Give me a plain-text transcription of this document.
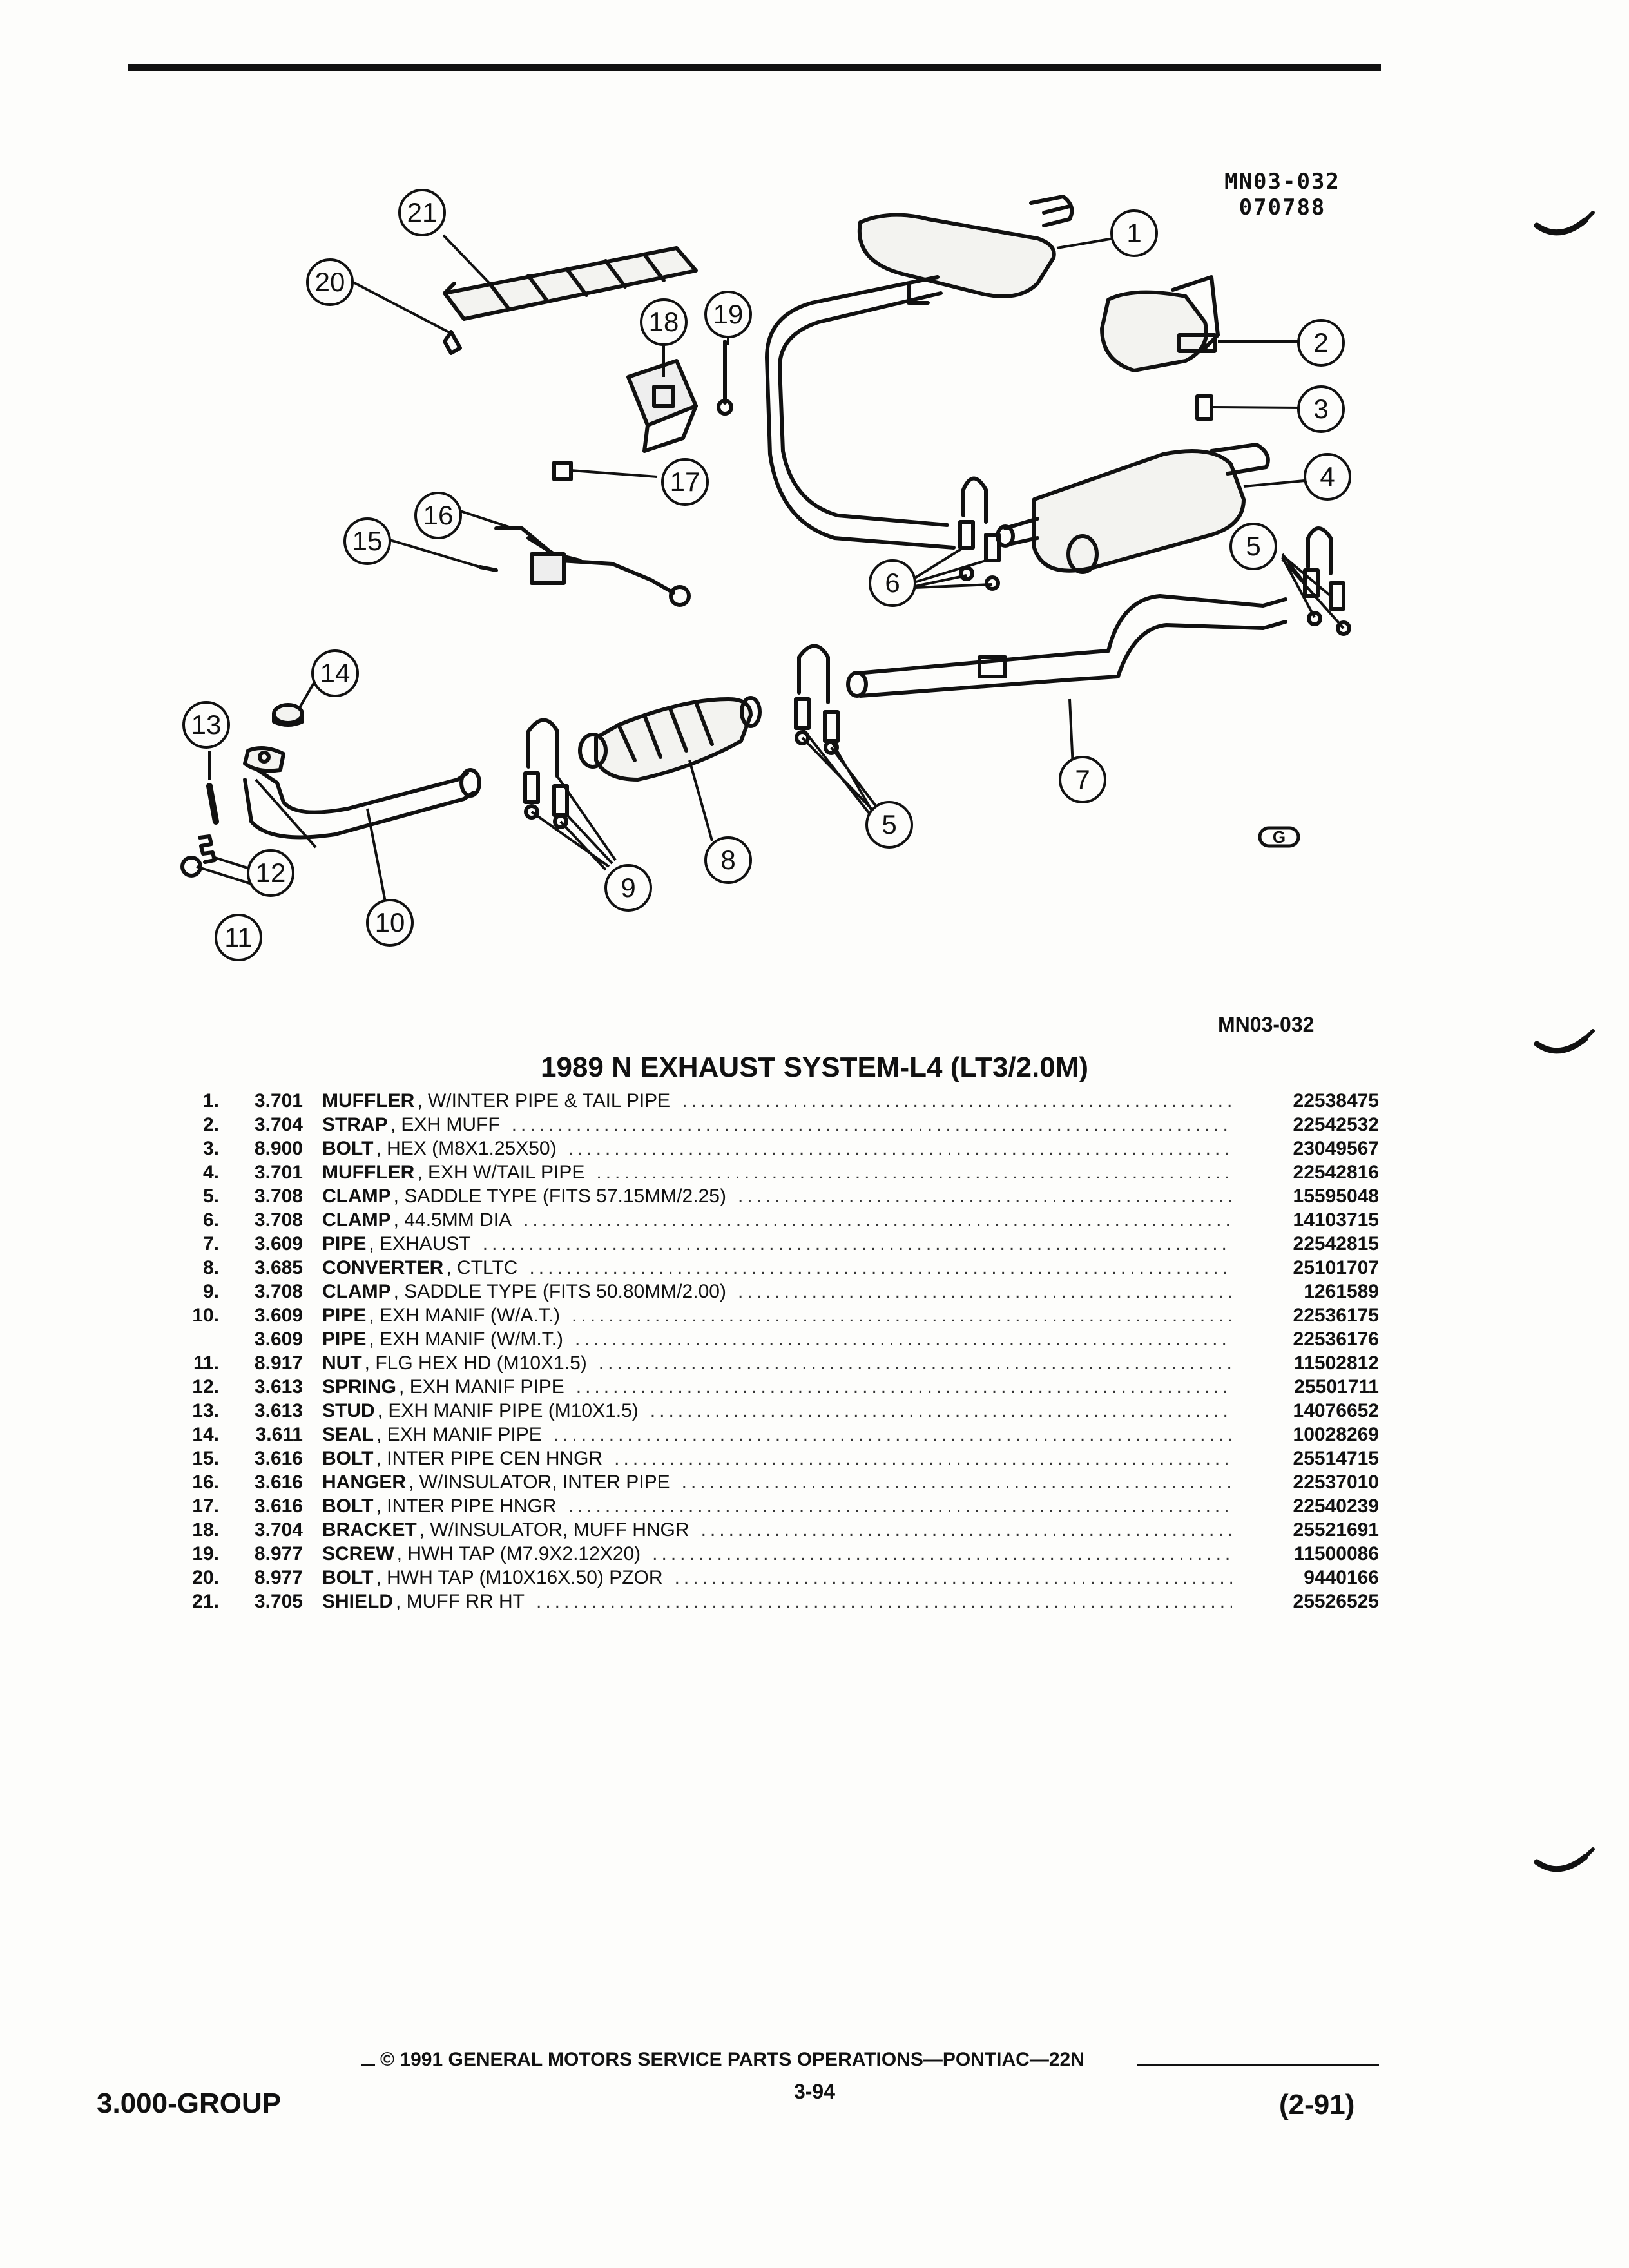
MN03-032
070788
1
2
3
4
5
6
7
8
9
10
11
12
13
14
15
16
17
18 19
20
21
5	G
MN03-032
1989 N EXHAUST SYSTEM-L4 (LT3/2.0M)
1.	3.701	MUFFLER , W/INTER PIPE & TAIL PIPE .....	22538475
2.	3.704	STRAP , EXH MUFF .....	22542532
3.	8.900	BOLT , HEX (M8X1.25X50) .....	23049567
4.	3.701	MUFFLER , EXH W/TAIL PIPE .....	22542816
5.	3.708	CLAMP , SADDLE TYPE (FITS 57.15MM/2.25) .....	15595048
6.	3.708	CLAMP , 44.5MM DIA .....	14103715
7.	3.609	PIPE , EXHAUST .....	22542815
8.	3.685	CONVERTER , CTLTC .....	25101707
9.	3.708	CLAMP , SADDLE TYPE (FITS 50.80MM/2.00) .....	1261589
10.	3.609	PIPE , EXH MANIF (W/A.T.) .....	22536175
3.609	PIPE , EXH MANIF (W/M.T.) .....	22536176
11.	8.917	NUT , FLG HEX HD (M10X1.5) .....	11502812
12.	3.613	SPRING , EXH MANIF PIPE .....	25501711
13.	3.613	STUD , EXH MANIF PIPE (M10X1.5) .....	14076652
14.	3.611	SEAL , EXH MANIF PIPE .....	10028269
15.	3.616	BOLT , INTER PIPE CEN HNGR .....	25514715
16.	3.616	HANGER , W/INSULATOR, INTER PIPE .....	22537010
17.	3.616	BOLT , INTER PIPE HNGR .....	22540239
18.	3.704	BRACKET , W/INSULATOR, MUFF HNGR .....	25521691
19.	8.977	SCREW , HWH TAP (M7.9X2.12X20) .....	11500086
20.	8.977	BOLT , HWH TAP (M10X16X.50) PZOR .....	9440166
21.	3.705	SHIELD , MUFF RR HT .....	25526525
3.000-GROUP
© 1991 GENERAL MOTORS SERVICE PARTS OPERATIONS—PONTIAC—22N
3-94	(2-91)
